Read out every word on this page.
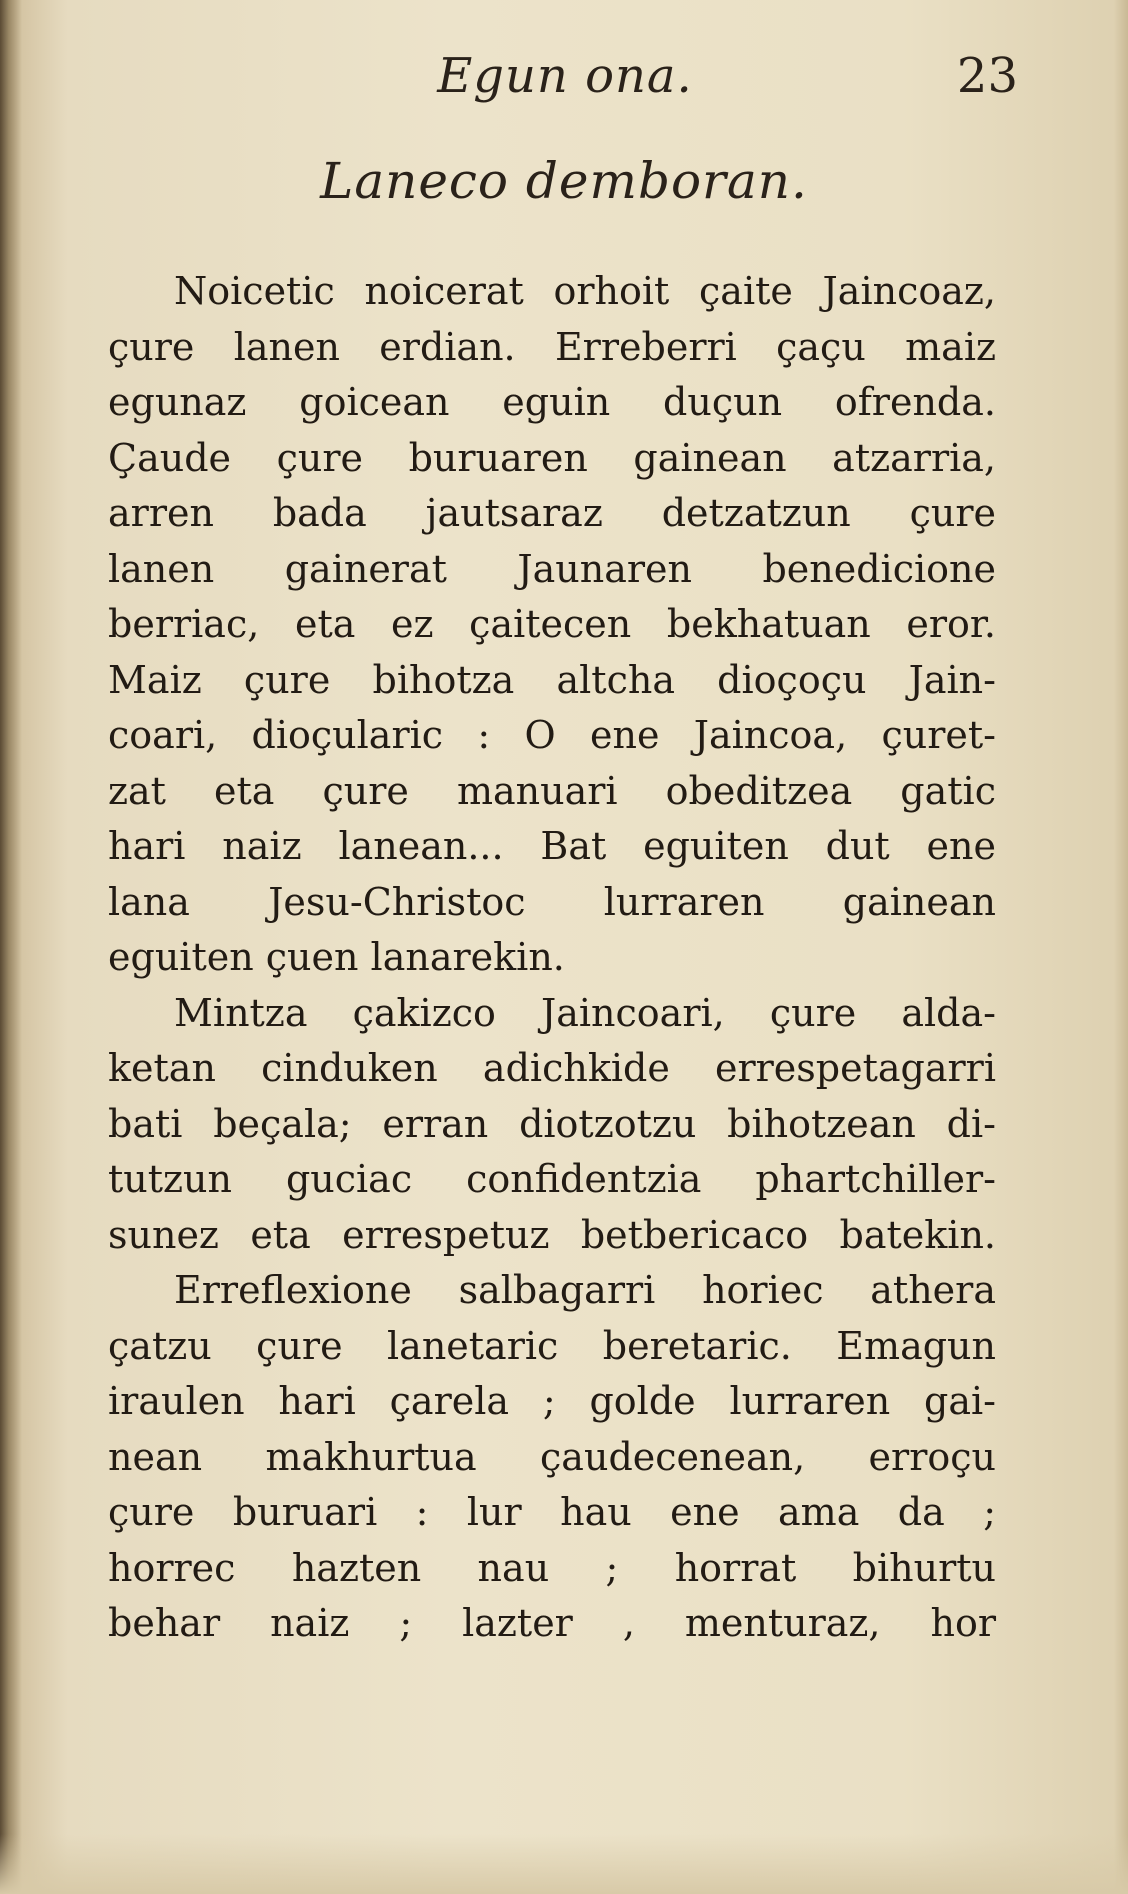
Egun ona.	23
Laneco demboran.
Noicetic noicerat orhoit çaite Jaincoaz,
çure lanen erdian. Erreberri çaçu maiz
egunaz goicean eguin duçun ofrenda.
Çaude çure buruaren gainean atzarria,
arren bada jautsaraz detzatzun çure
lanen gainerat Jaunaren benedicione
berriac, eta ez çaitecen bekhatuan eror.
Maiz çure bihotza altcha dioçoçu Jain-
coari, dioçularic : O ene Jaincoa, çuret-
zat eta çure manuari obeditzea gatic
hari naiz lanean... Bat eguiten dut ene
lana Jesu-Christoc lurraren gainean
eguiten çuen lanarekin.
Mintza çakizco Jaincoari, çure alda-
ketan cinduken adichkide errespetagarri
bati beçala; erran diotzotzu bihotzean di-
tutzun guciac confidentzia phartchiller-
sunez eta errespetuz betbericaco batekin.
Erreflexione salbagarri horiec athera
çatzu çure lanetaric beretaric. Emagun
iraulen hari çarela ; golde lurraren gai-
nean makhurtua çaudecenean, erroçu
çure buruari : lur hau ene ama da ;
horrec hazten nau ; horrat bihurtu
behar naiz ; lazter , menturaz, hor
